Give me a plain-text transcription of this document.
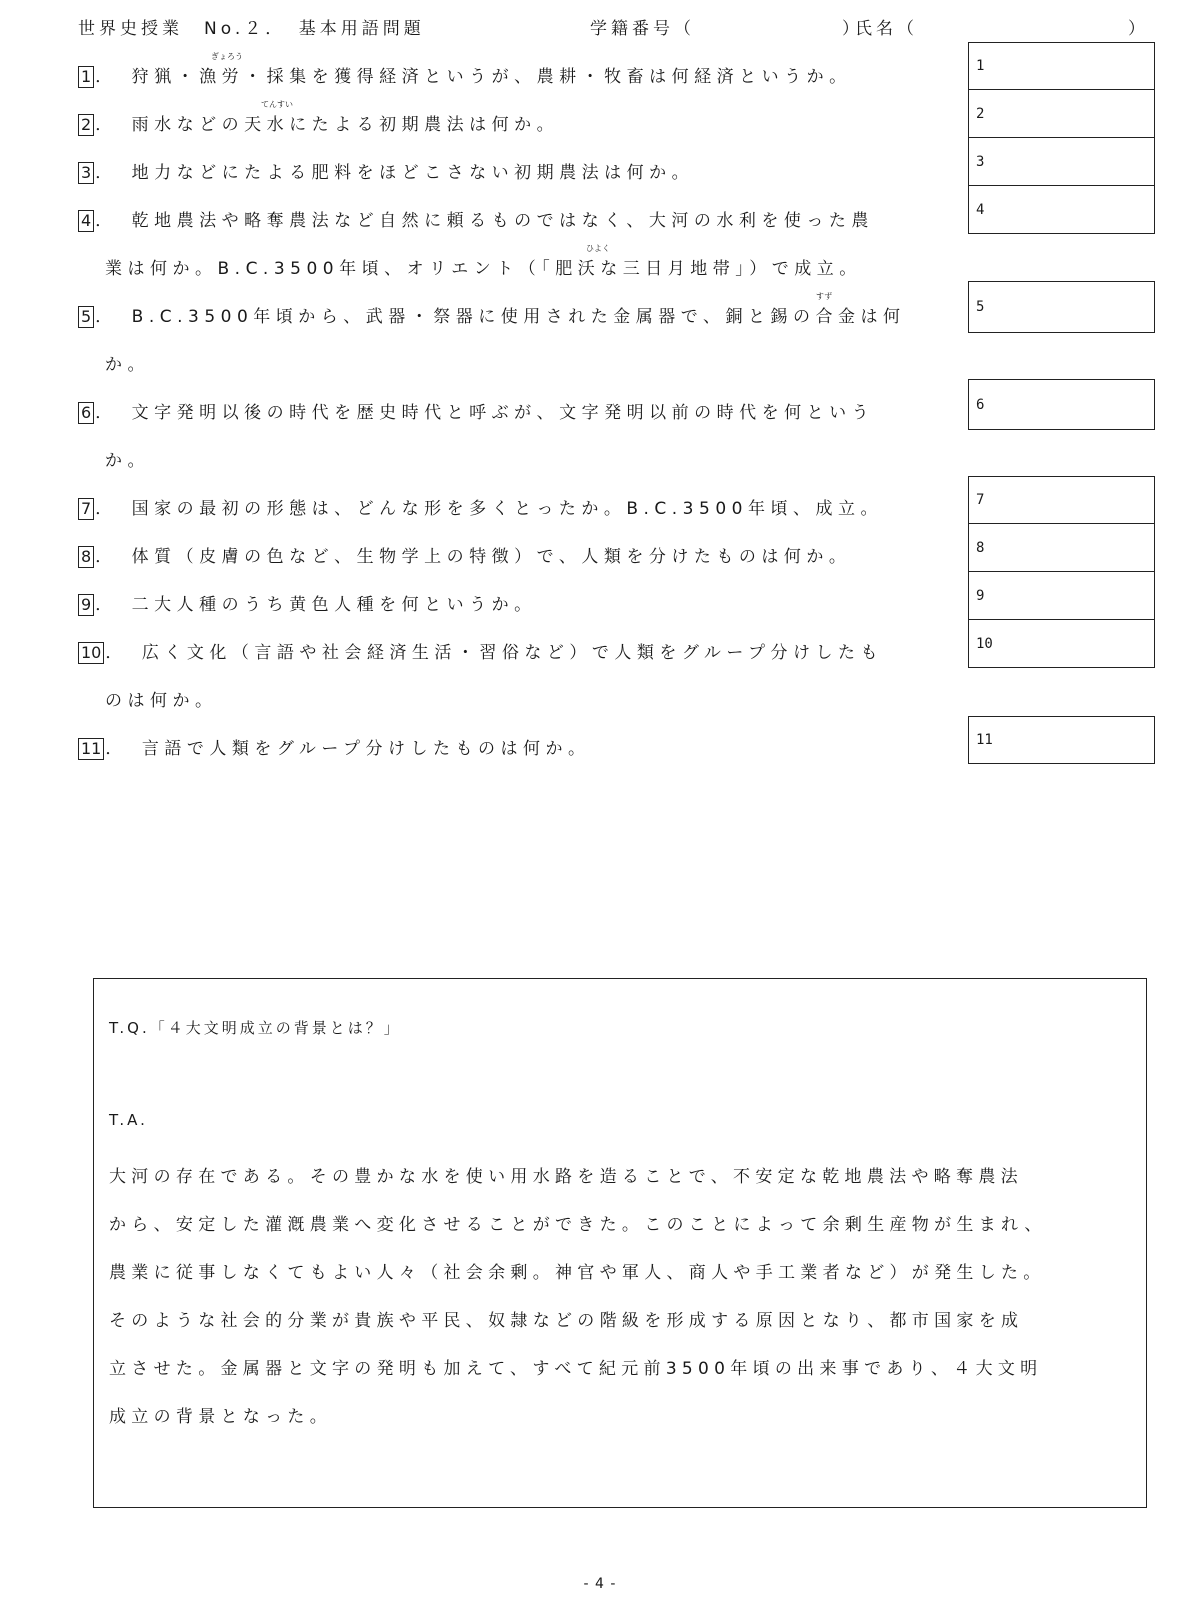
世界史授業　No.２．　基本用語問題	学籍番号（　　　　　　　）
氏名（　　　　　　　　　　）
1 ．　狩猟・漁労・採集を獲得経済というが、農耕・牧畜は何経済というか。
ぎょろう
2 ．　雨水などの天水にたよる初期農法は何か。
てんすい
3 ．　地力などにたよる肥料をほどこさない初期農法は何か。
4 ．　乾地農法や略奪農法など自然に頼るものではなく、大河の水利を使った農
業は何か。B.C.3500年頃、オリエント（「肥沃な三日月地帯」）で成立。
ひよく
5 ．　B.C.3500年頃から、武器・祭器に使用された金属器で、銅と錫の合金は何
すず
か。
6 ．　文字発明以後の時代を歴史時代と呼ぶが、文字発明以前の時代を何という
か。
7 ．　国家の最初の形態は、どんな形を多くとったか。B.C.3500年頃、成立。
8 ．　体質（皮膚の色など、生物学上の特徴）で、人類を分けたものは何か。
9 ．　二大人種のうち黄色人種を何というか。
10 ．　広く文化（言語や社会経済生活・習俗など）で人類をグループ分けしたも
のは何か。
11 ．　言語で人類をグループ分けしたものは何か。
1
2
3
4
5
6
7
8
9
10
11
T.Q.「４大文明成立の背景とは？」
T.A.
大河の存在である。その豊かな水を使い用水路を造ることで、不安定な乾地農法や略奪農法
から、安定した灌漑農業へ変化させることができた。このことによって余剰生産物が生まれ、
農業に従事しなくてもよい人々（社会余剰。神官や軍人、商人や手工業者など）が発生した。
そのような社会的分業が貴族や平民、奴隷などの階級を形成する原因となり、都市国家を成
立させた。金属器と文字の発明も加えて、すべて紀元前3500年頃の出来事であり、４大文明
成立の背景となった。
- 4 -
